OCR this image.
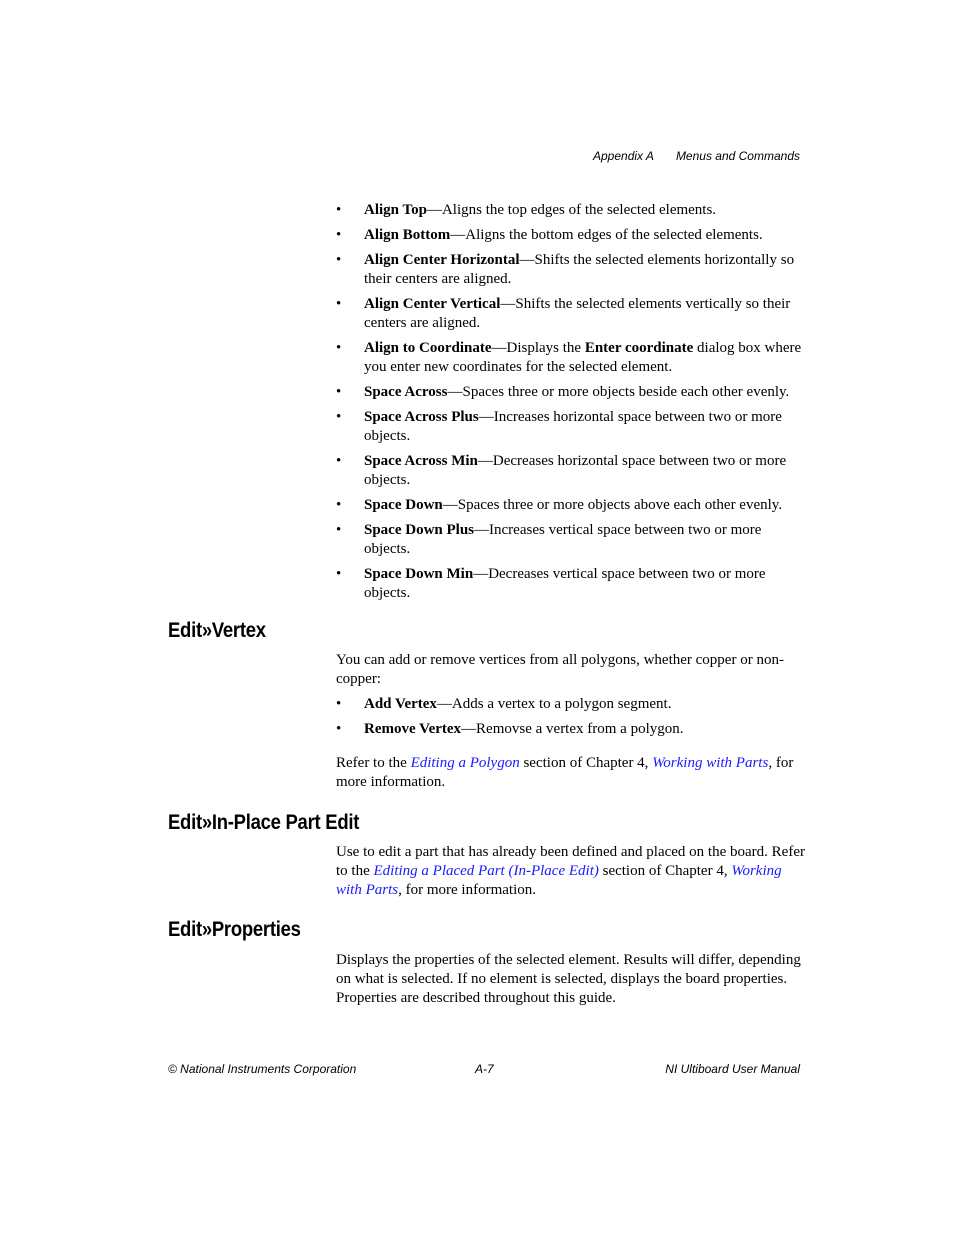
Appendix A Menus and Commands
• Align Top—Aligns the top edges of the selected elements.
• Align Bottom—Aligns the bottom edges of the selected elements.
• Align Center Horizontal—Shifts the selected elements horizontally so their centers are aligned.
• Align Center Vertical—Shifts the selected elements vertically so their centers are aligned.
• Align to Coordinate—Displays the Enter coordinate dialog box where you enter new coordinates for the selected element.
• Space Across—Spaces three or more objects beside each other evenly.
• Space Across Plus—Increases horizontal space between two or more objects.
• Space Across Min—Decreases horizontal space between two or more objects.
• Space Down—Spaces three or more objects above each other evenly.
• Space Down Plus—Increases vertical space between two or more objects.
• Space Down Min—Decreases vertical space between two or more objects.
Edit»Vertex

You can add or remove vertices from all polygons, whether copper or non-copper:

• Add Vertex—Adds a vertex to a polygon segment.
• Remove Vertex—Removse a vertex from a polygon.

Refer to the Editing a Polygon section of Chapter 4, Working with Parts, for more information.

Edit»In-Place Part Edit

Use to edit a part that has already been defined and placed on the board. Refer to the Editing a Placed Part (In-Place Edit) section of Chapter 4, Working with Parts, for more information.

Edit»Properties

Displays the properties of the selected element. Results will differ, depending on what is selected. If no element is selected, displays the board properties. Properties are described throughout this guide.

© National Instruments Corporation	A-7	NI Ultiboard User Manual
